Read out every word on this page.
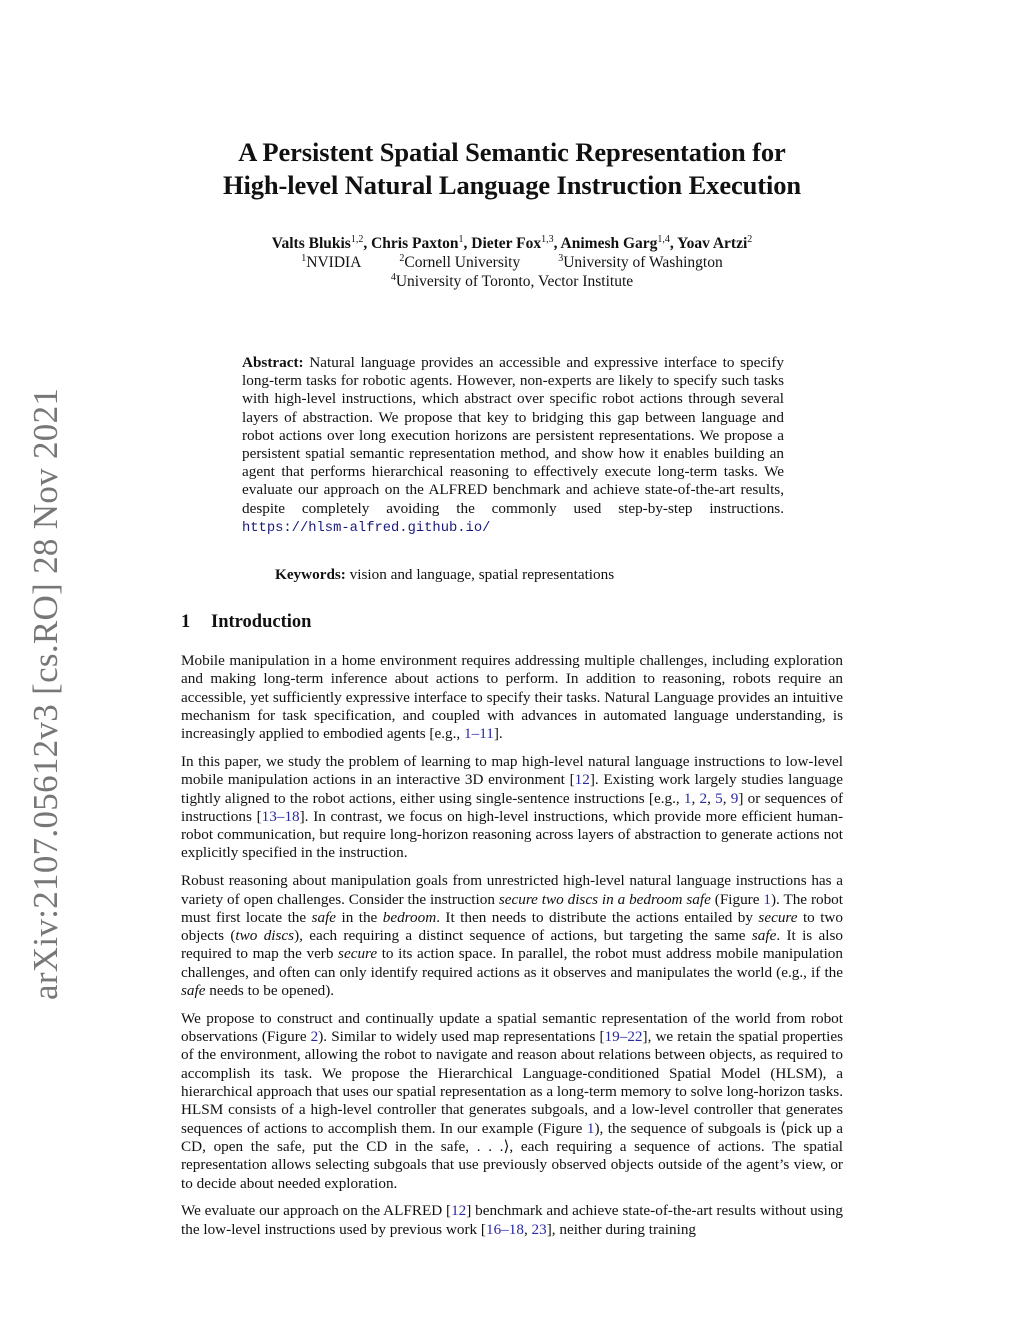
arXiv:2107.05612v3 [cs.RO] 28 Nov 2021
A Persistent Spatial Semantic Representation for
High-level Natural Language Instruction Execution
Valts Blukis$^{1,2}$, Chris Paxton$^1$, Dieter Fox$^{1,3}$, Animesh Garg$^{1,4}$, Yoav Artzi$^2$
$^1$NVIDIA	$^2$Cornell University	$^3$University of Washington
$^4$University of Toronto, Vector Institute
Abstract: Natural language provides an accessible and expressive interface to specify long-term tasks for robotic agents. However, non-experts are likely to specify such tasks with high-level instructions, which abstract over specific robot actions through several layers of abstraction. We propose that key to bridging this gap between language and robot actions over long execution horizons are persistent representations. We propose a persistent spatial semantic representation method, and show how it enables building an agent that performs hierarchical reasoning to effectively execute long-term tasks. We evaluate our approach on the ALFRED benchmark and achieve state-of-the-art results, despite completely avoiding the commonly used step-by-step instructions. https://hlsm-alfred.github.io/
Keywords: vision and language, spatial representations
1 Introduction

Mobile manipulation in a home environment requires addressing multiple challenges, including exploration and making long-term inference about actions to perform. In addition to reasoning, robots require an accessible, yet sufficiently expressive interface to specify their tasks. Natural Language provides an intuitive mechanism for task specification, and coupled with advances in automated language understanding, is increasingly applied to embodied agents [e.g., 1–11].

In this paper, we study the problem of learning to map high-level natural language instructions to low-level mobile manipulation actions in an interactive 3D environment [12]. Existing work largely studies language tightly aligned to the robot actions, either using single-sentence instructions [e.g., 1, 2, 5, 9] or sequences of instructions [13–18]. In contrast, we focus on high-level instructions, which provide more efficient human-robot communication, but require long-horizon reasoning across layers of abstraction to generate actions not explicitly specified in the instruction.

Robust reasoning about manipulation goals from unrestricted high-level natural language instructions has a variety of open challenges. Consider the instruction secure two discs in a bedroom safe (Figure 1). The robot must first locate the safe in the bedroom. It then needs to distribute the actions entailed by secure to two objects (two discs), each requiring a distinct sequence of actions, but targeting the same safe. It is also required to map the verb secure to its action space. In parallel, the robot must address mobile manipulation challenges, and often can only identify required actions as it observes and manipulates the world (e.g., if the safe needs to be opened).

We propose to construct and continually update a spatial semantic representation of the world from robot observations (Figure 2). Similar to widely used map representations [19–22], we retain the spatial properties of the environment, allowing the robot to navigate and reason about relations between objects, as required to accomplish its task. We propose the Hierarchical Language-conditioned Spatial Model (HLSM), a hierarchical approach that uses our spatial representation as a long-term memory to solve long-horizon tasks. HLSM consists of a high-level controller that generates subgoals, and a low-level controller that generates sequences of actions to accomplish them. In our example (Figure 1), the sequence of subgoals is ⟨pick up a CD, open the safe, put the CD in the safe, . . .⟩, each requiring a sequence of actions. The spatial representation allows selecting subgoals that use previously observed objects outside of the agent’s view, or to decide about needed exploration.

We evaluate our approach on the ALFRED [12] benchmark and achieve state-of-the-art results without using the low-level instructions used by previous work [16–18, 23], neither during training
